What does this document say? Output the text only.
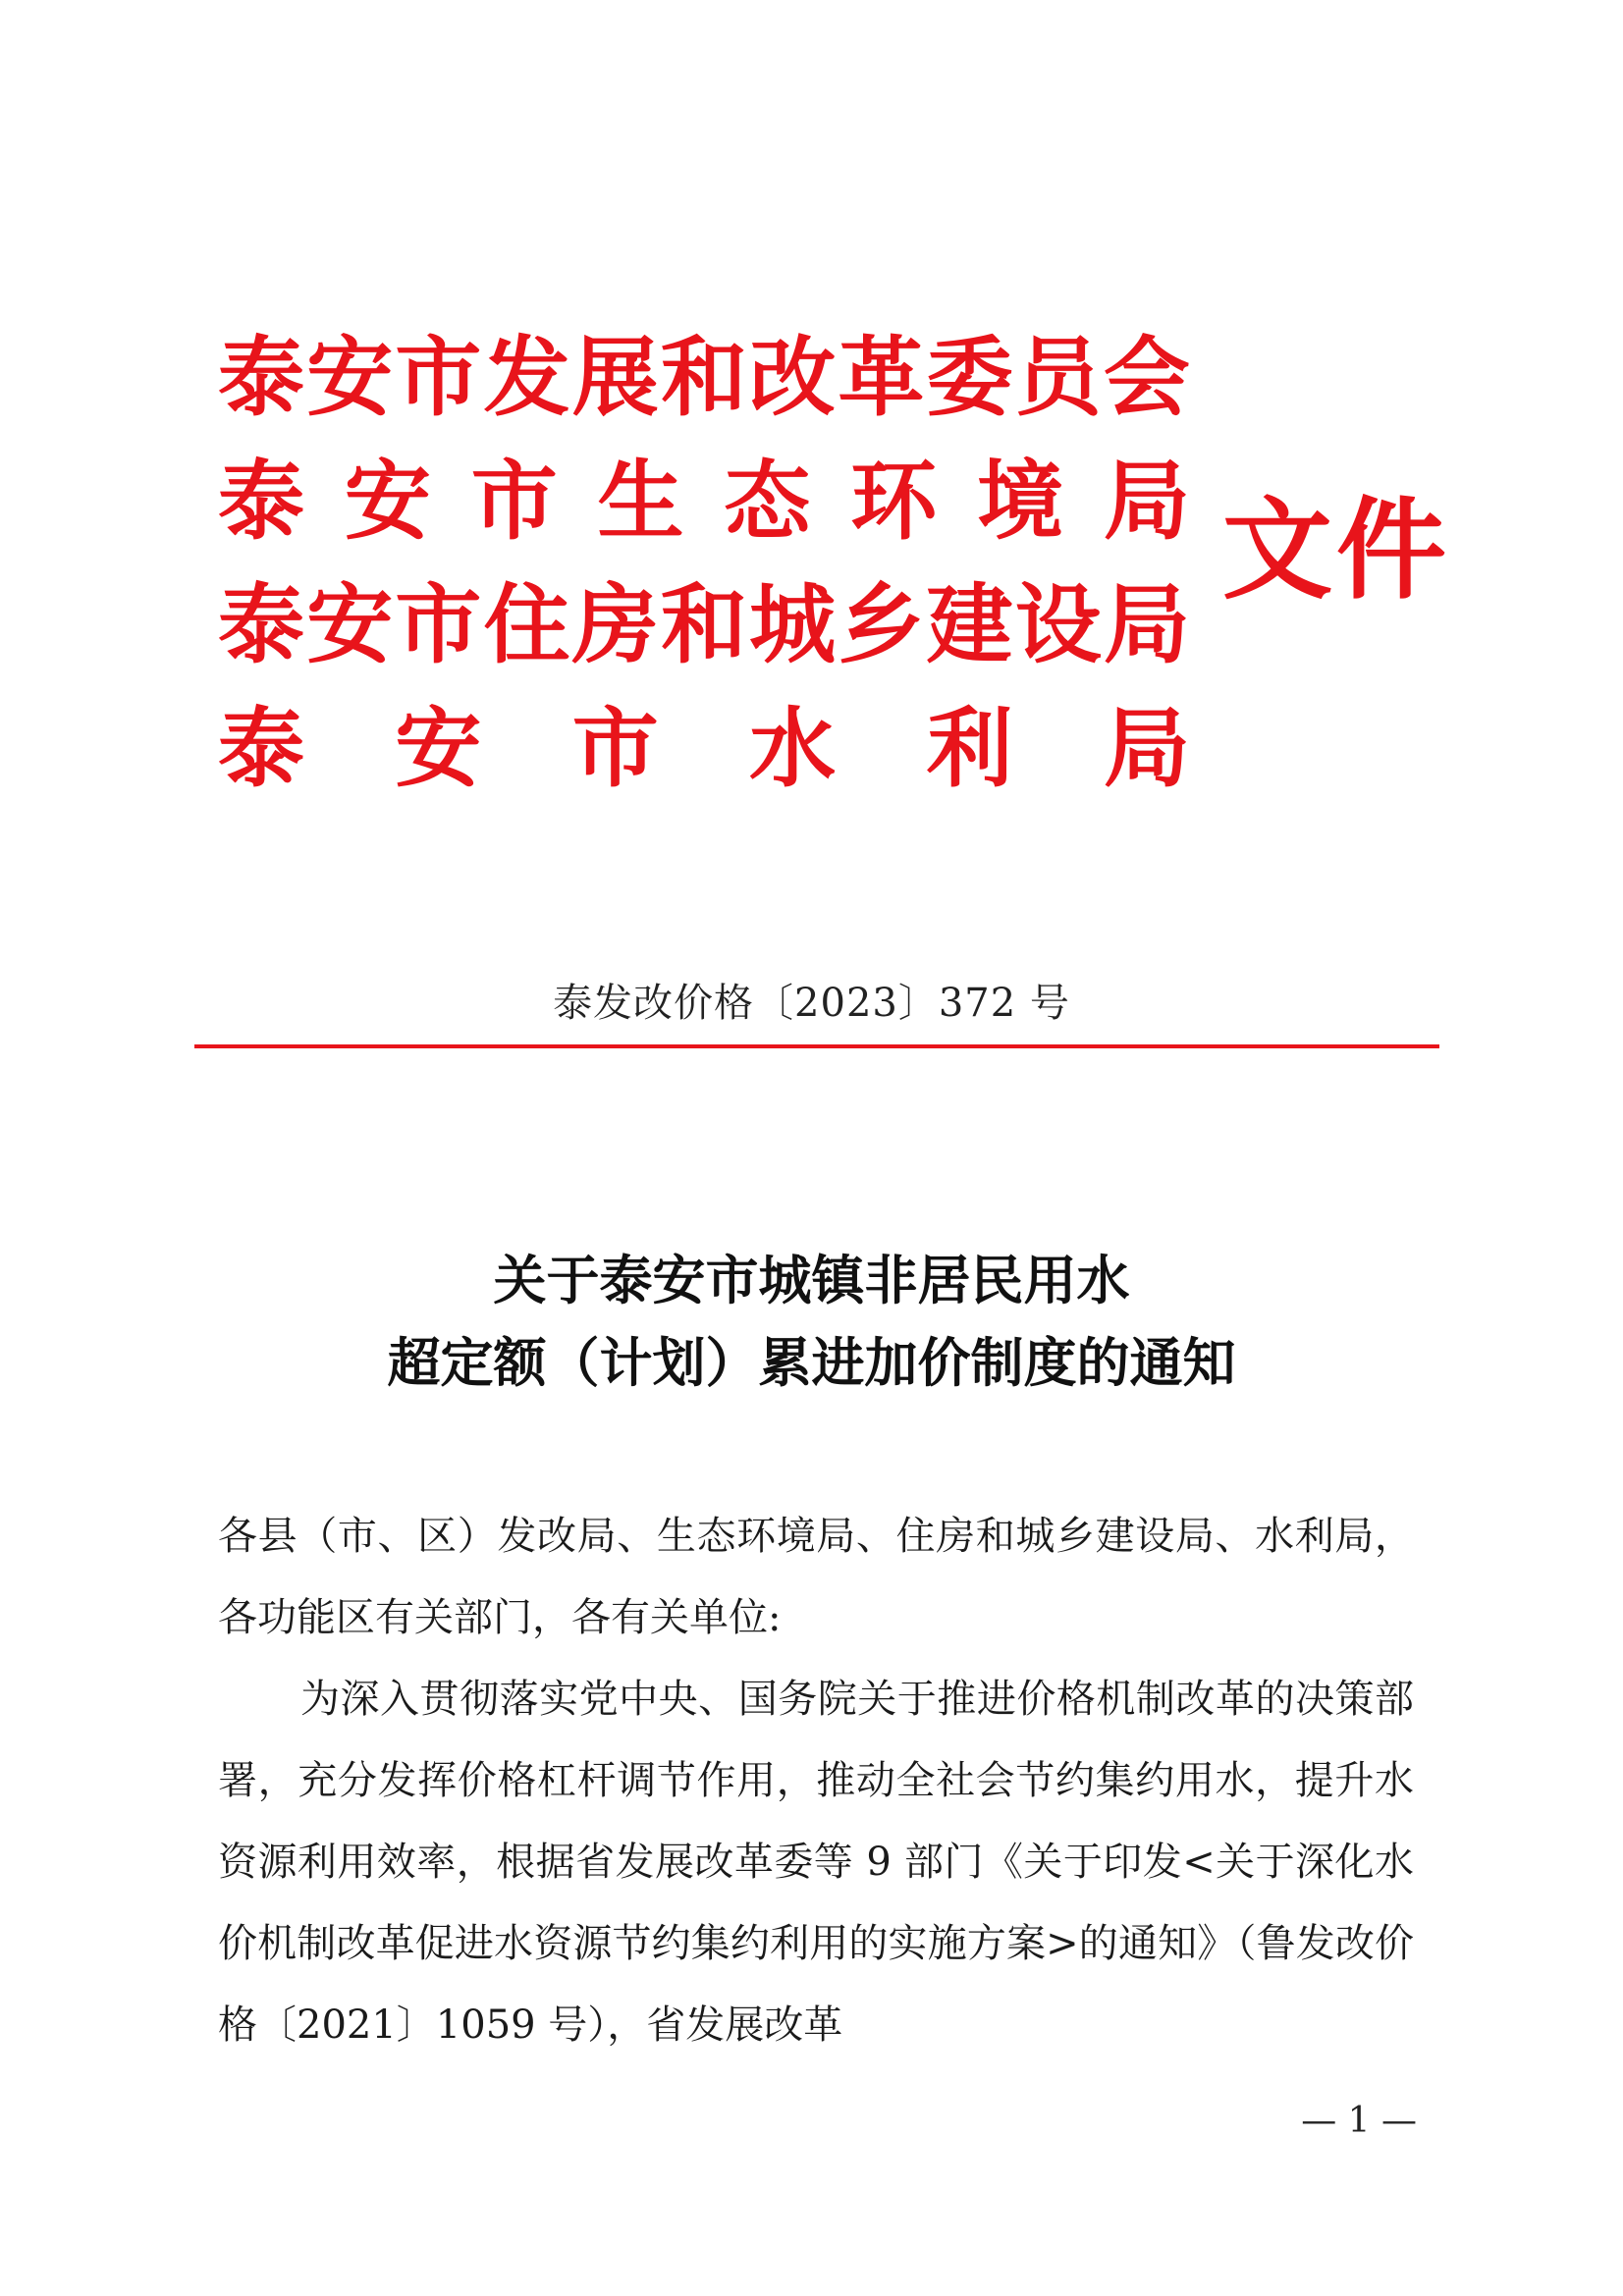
泰 安 市 发 展 和 改 革 委 员 会
泰 安 市 生 态 环 境 局
泰 安 市 住 房 和 城 乡 建 设 局
泰 安 市 水 利 局
文件
泰发改价格〔2023〕372 号
关于泰安市城镇非居民用水
超定额（计划）累进加价制度的通知

各县（市、区）发改局、生态环境局、住房和城乡建设局、水利局，各功能区有关部门，各有关单位:

为深入贯彻落实党中央、国务院关于推进价格机制改革的决策部署，充分发挥价格杠杆调节作用，推动全社会节约集约用水，提升水资源利用效率，根据省发展改革委等 9 部门《关于印发<关于深化水价机制改革促进水资源节约集约利用的实施方案>的通知》（鲁发改价格〔2021〕1059 号），省发展改革

— 1 —
